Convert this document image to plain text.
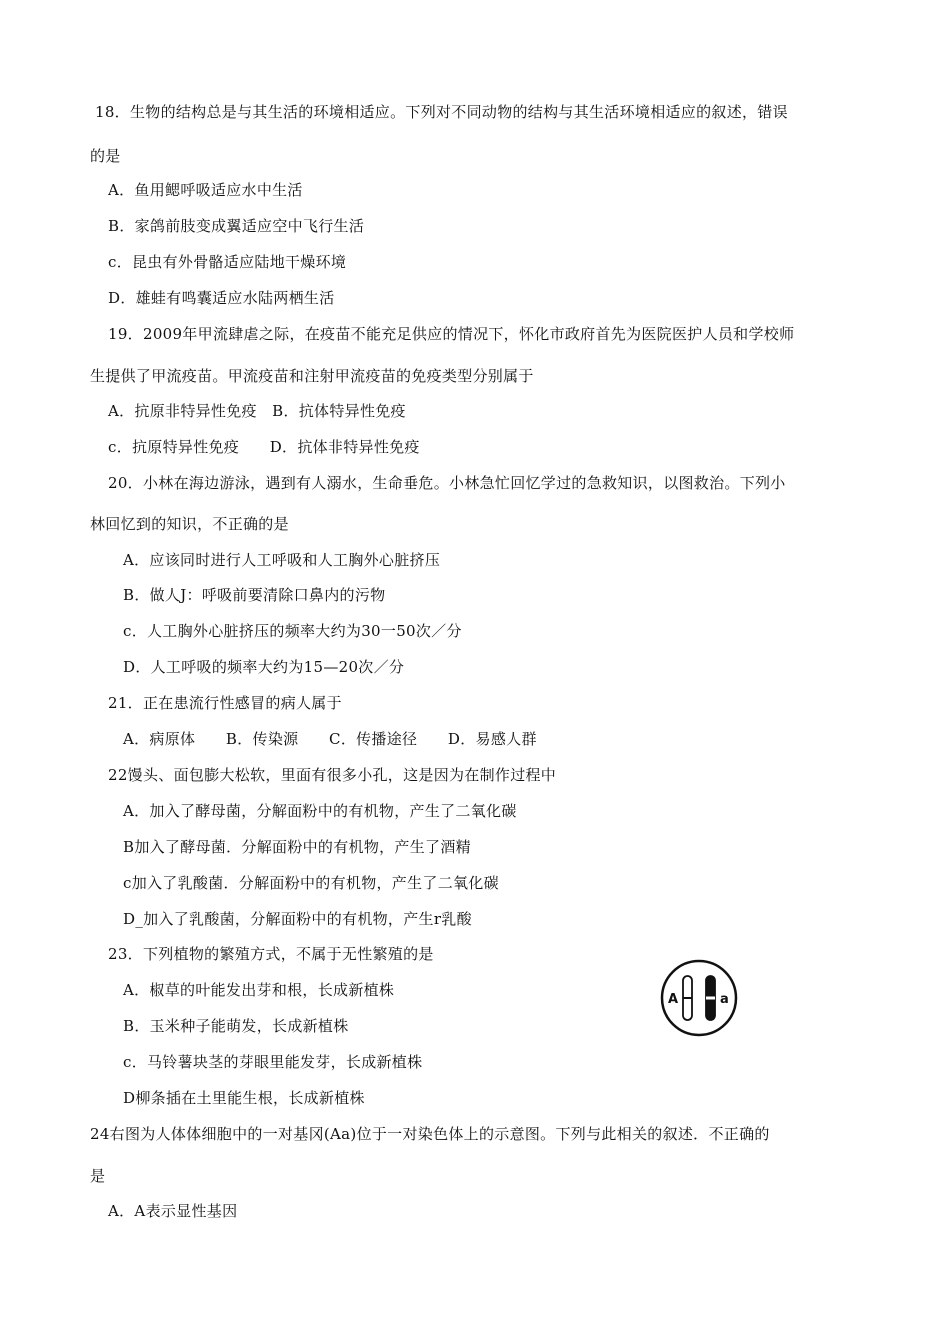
18．生物的结构总是与其生活的环境相适应。下列对不同动物的结构与其生活环境相适应的叙述，错误
的是
A．鱼用鳃呼吸适应水中生活
B．家鸽前肢变成翼适应空中飞行生活
c．昆虫有外骨骼适应陆地干燥环境
D．雄蛙有鸣囊适应水陆两栖生活
19．2009年甲流肆虐之际，在疫苗不能充足供应的情况下，怀化市政府首先为医院医护人员和学校师
生提供了甲流疫苗。甲流疫苗和注射甲流疫苗的免疫类型分别属于
A．抗原非特异性免疫　B．抗体特异性免疫
c．抗原特异性免疫　　D．抗体非特异性免疫
20．小林在海边游泳，遇到有人溺水，生命垂危。小林急忙回忆学过的急救知识，以图救治。下列小
林回忆到的知识，不正确的是
A．应该同时进行人工呼吸和人工胸外心脏挤压
B．做人J：呼吸前要清除口鼻内的污物
c．人工胸外心脏挤压的频率大约为30一50次／分
D．人工呼吸的频率大约为15—20次／分
21．正在患流行性感冒的病人属于
A．病原体　　B．传染源　　C．传播途径　　D．易感人群
22馒头、面包膨大松软，里面有很多小孔，这是因为在制作过程中
A．加入了酵母菌，分解面粉中的有机物，产生了二氧化碳
B加入了酵母菌．分解面粉中的有机物，产生了酒精
c加入了乳酸菌．分解面粉中的有机物，产生了二氧化碳
D_加入了乳酸菌，分解面粉中的有机物，产生r乳酸
23．下列植物的繁殖方式，不属于无性繁殖的是
A．椒草的叶能发出芽和根，长成新植株
B．玉米种子能萌发，长成新植株
c．马铃薯块茎的芽眼里能发芽，长成新植株
D柳条插在土里能生根，长成新植株
24右图为人体体细胞中的一对基冈(Aa)位于一对染色体上的示意图。下列与此相关的叙述．不正确的
是
A．A表示显性基因
A	a
